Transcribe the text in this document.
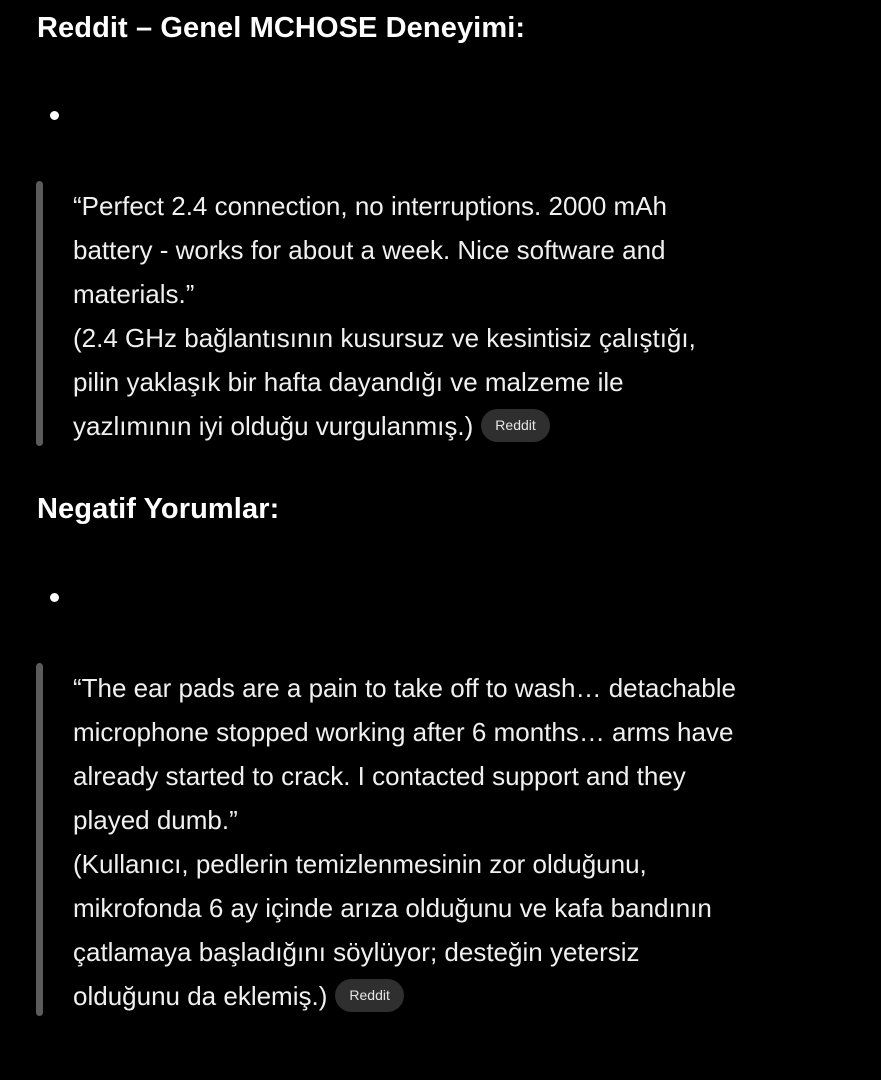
Reddit – Genel MCHOSE Deneyimi:
“Perfect 2.4 connection, no interruptions. 2000 mAh
battery - works for about a week. Nice software and
materials.”
(2.4 GHz bağlantısının kusursuz ve kesintisiz çalıştığı,
pilin yaklaşık bir hafta dayandığı ve malzeme ile
yazlımının iyi olduğu vurgulanmış.) Reddit
Negatif Yorumlar:
“The ear pads are a pain to take off to wash… detachable
microphone stopped working after 6 months… arms have
already started to crack. I contacted support and they
played dumb.”
(Kullanıcı, pedlerin temizlenmesinin zor olduğunu,
mikrofonda 6 ay içinde arıza olduğunu ve kafa bandının
çatlamaya başladığını söylüyor; desteğin yetersiz
olduğunu da eklemiş.) Reddit
